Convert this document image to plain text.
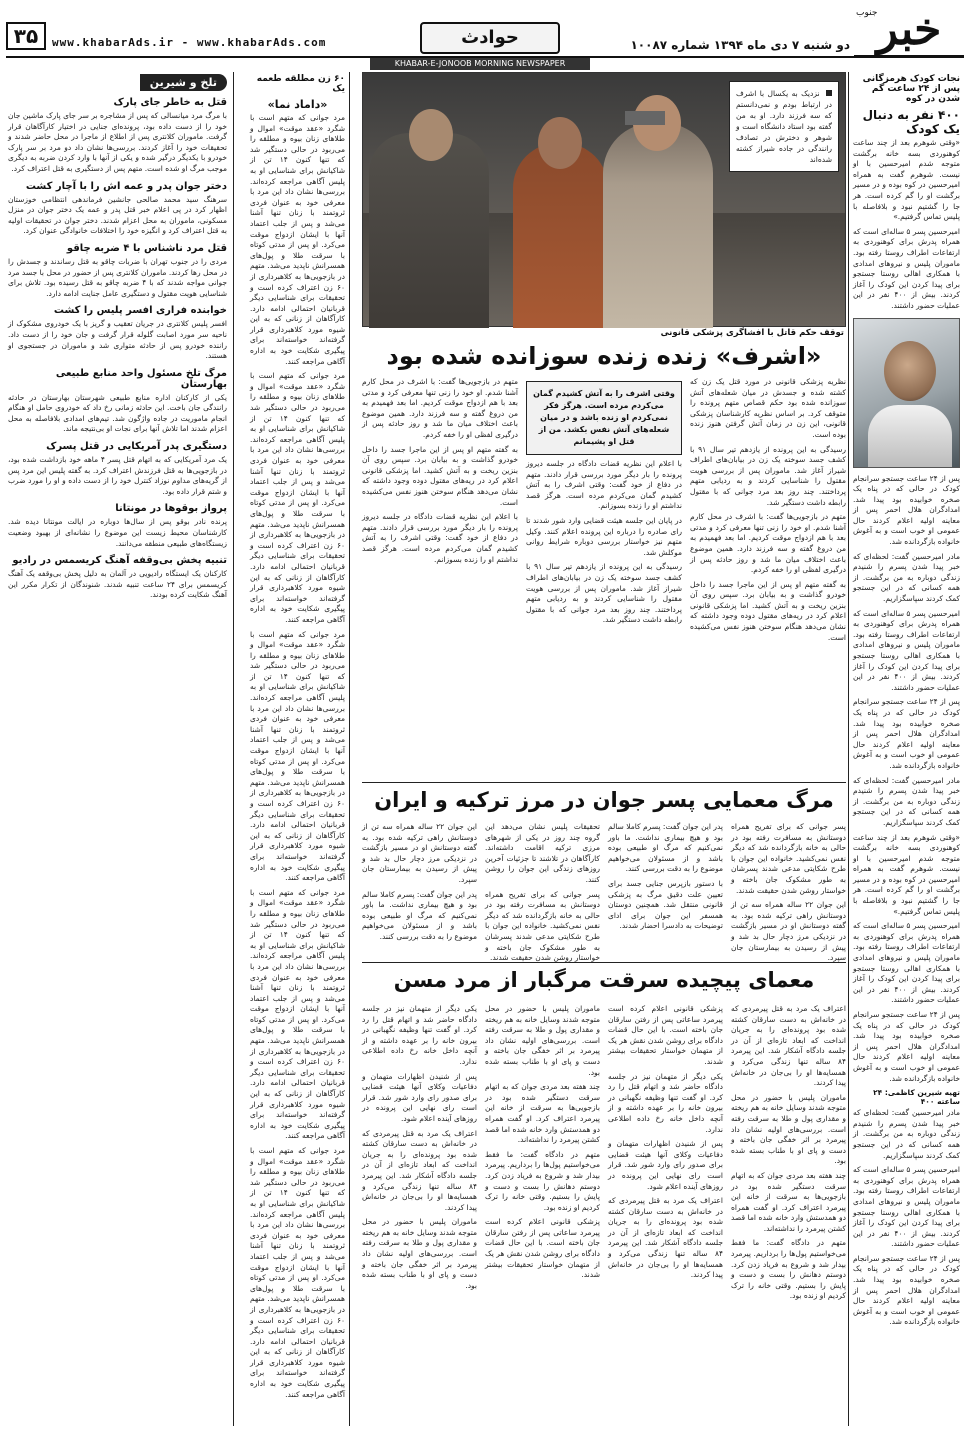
۳۵	www.khabarAds.ir - www.khabarAds.com	حوادث	دو شنبه ۷ دی ماه ۱۳۹۴ شماره ۱۰۰۸۷
جنوب خبر
KHABAR-E-JONOOB MORNING NEWSPAPER
نجات کودک هرمزگانی پس از ۲۴ ساعت گم شدن در کوه
۴۰۰ نفر به دنبال یک کودک

«وقتی شوهرم بعد از چند ساعت کوهنوردی بسه خانه برگشت متوجه شدم امیرحسین با او نیست. شوهرم گفت به همراه امیرحسین در کوه بوده و در مسیر برگشت او را گم کرده است. هر جا را گشتیم نبود و بلافاصله با پلیس تماس گرفتیم.»

امیرحسین پسر ۵ ساله‌ای است که همراه پدرش برای کوهنوردی به ارتفاعات اطراف روستا رفته بود. ماموران پلیس و نیروهای امدادی با همکاری اهالی روستا جستجو برای پیدا کردن این کودک را آغاز کردند. بیش از ۴۰۰ نفر در این عملیات حضور داشتند.

پس از ۲۴ ساعت جستجو سرانجام کودک در حالی که در پناه یک صخره خوابیده بود پیدا شد. امدادگران هلال احمر پس از معاینه اولیه اعلام کردند حال عمومی او خوب است و به آغوش خانواده بازگردانده شد.

مادر امیرحسین گفت: لحظه‌ای که خبر پیدا شدن پسرم را شنیدم زندگی دوباره به من برگشت. از همه کسانی که در این جستجو کمک کردند سپاسگزاریم.

امیرحسین پسر ۵ ساله‌ای است که همراه پدرش برای کوهنوردی به ارتفاعات اطراف روستا رفته بود. ماموران پلیس و نیروهای امدادی با همکاری اهالی روستا جستجو برای پیدا کردن این کودک را آغاز کردند. بیش از ۴۰۰ نفر در این عملیات حضور داشتند.

پس از ۲۴ ساعت جستجو سرانجام کودک در حالی که در پناه یک صخره خوابیده بود پیدا شد. امدادگران هلال احمر پس از معاینه اولیه اعلام کردند حال عمومی او خوب است و به آغوش خانواده بازگردانده شد.

مادر امیرحسین گفت: لحظه‌ای که خبر پیدا شدن پسرم را شنیدم زندگی دوباره به من برگشت. از همه کسانی که در این جستجو کمک کردند سپاسگزاریم.

«وقتی شوهرم بعد از چند ساعت کوهنوردی بسه خانه برگشت متوجه شدم امیرحسین با او نیست. شوهرم گفت به همراه امیرحسین در کوه بوده و در مسیر برگشت او را گم کرده است. هر جا را گشتیم نبود و بلافاصله با پلیس تماس گرفتیم.»

امیرحسین پسر ۵ ساله‌ای است که همراه پدرش برای کوهنوردی به ارتفاعات اطراف روستا رفته بود. ماموران پلیس و نیروهای امدادی با همکاری اهالی روستا جستجو برای پیدا کردن این کودک را آغاز کردند. بیش از ۴۰۰ نفر در این عملیات حضور داشتند.

پس از ۲۴ ساعت جستجو سرانجام کودک در حالی که در پناه یک صخره خوابیده بود پیدا شد. امدادگران هلال احمر پس از معاینه اولیه اعلام کردند حال عمومی او خوب است و به آغوش خانواده بازگردانده شد.

تهیه شیرین کاظمی: ۲۴ ساعته ۴۰۰

مادر امیرحسین گفت: لحظه‌ای که خبر پیدا شدن پسرم را شنیدم زندگی دوباره به من برگشت. از همه کسانی که در این جستجو کمک کردند سپاسگزاریم.

امیرحسین پسر ۵ ساله‌ای است که همراه پدرش برای کوهنوردی به ارتفاعات اطراف روستا رفته بود. ماموران پلیس و نیروهای امدادی با همکاری اهالی روستا جستجو برای پیدا کردن این کودک را آغاز کردند. بیش از ۴۰۰ نفر در این عملیات حضور داشتند.

پس از ۲۴ ساعت جستجو سرانجام کودک در حالی که در پناه یک صخره خوابیده بود پیدا شد. امدادگران هلال احمر پس از معاینه اولیه اعلام کردند حال عمومی او خوب است و به آغوش خانواده بازگردانده شد.

تلخ و شیرین
قتل به خاطر جای پارک

با مرگ مرد میانسالی که پس از مشاجره بر سر جای پارک ماشین جان خود را از دست داده بود، پرونده‌ای جنایی در اختیار کارآگاهان قرار گرفت. ماموران کلانتری پس از اطلاع از ماجرا در محل حاضر شدند و تحقیقات خود را آغاز کردند. بررسی‌ها نشان داد دو مرد بر سر پارک خودرو با یکدیگر درگیر شده و یکی از آنها با وارد کردن ضربه به دیگری موجب مرگ او شده است. متهم پس از دستگیری به قتل اعتراف کرد.

دختر جوان پدر و عمه اش را با آچار کشت

سرهنگ سید محمد صالحی جانشین فرماندهی انتظامی خوزستان اظهار کرد در پی اعلام خبر قتل پدر و عمه یک دختر جوان در منزل مسکونی، ماموران به محل اعزام شدند. دختر جوان در تحقیقات اولیه به قتل اعتراف کرد و انگیزه خود را اختلافات خانوادگی عنوان کرد.

قتل مرد ناشناس با ۴ ضربه چاقو

مردی را در جنوب تهران با ضربات چاقو به قتل رساندند و جسدش را در محل رها کردند. ماموران کلانتری پس از حضور در محل با جسد مرد جوانی مواجه شدند که با ۴ ضربه چاقو به قتل رسیده بود. تلاش برای شناسایی هویت مقتول و دستگیری عامل جنایت ادامه دارد.

خوابنده فراری افسر پلیس را کشت

افسر پلیس کلانتری در جریان تعقیب و گریز با یک خودروی مشکوک از ناحیه سر مورد اصابت گلوله قرار گرفت و جان خود را از دست داد. راننده خودرو پس از حادثه متواری شد و ماموران در جستجوی او هستند.

مرگ تلخ مسئول واحد منابع طبیعی بهارستان

یکی از کارکنان اداره منابع طبیعی شهرستان بهارستان در حادثه رانندگی جان باخت. این حادثه زمانی رخ داد که خودروی حامل او هنگام انجام ماموریت در جاده واژگون شد. تیم‌های امدادی بلافاصله به محل اعزام شدند اما تلاش آنها برای نجات او بی‌نتیجه ماند.

دستگیری پدر آمریکایی در قتل پسرک

یک مرد آمریکایی که به اتهام قتل پسر ۴ ماهه خود بازداشت شده بود، در بازجویی‌ها به قتل فرزندش اعتراف کرد. به گفته پلیس این مرد پس از گریه‌های مداوم نوزاد کنترل خود را از دست داده و او را مورد ضرب و شتم قرار داده بود.

پرواز بوقوها در مونتانا

پرنده نادر بوقو پس از سال‌ها دوباره در ایالت مونتانا دیده شد. کارشناسان محیط زیست این موضوع را نشانه‌ای از بهبود وضعیت زیستگاه‌های طبیعی منطقه می‌دانند.

تنبیه پخش بی‌وقفه آهنگ کریسمس در رادیو

کارکنان یک ایستگاه رادیویی در آلمان به دلیل پخش بی‌وقفه یک آهنگ کریسمس برای ۲۴ ساعت تنبیه شدند. شنوندگان از تکرار مکرر این آهنگ شکایت کرده بودند.

۶۰ زن مطلقه طعمه یک
«داماد نما»

مرد جوانی که متهم است با شگرد «عقد موقت» اموال و طلاهای زنان بیوه و مطلقه را می‌ربود در حالی دستگیر شد که تنها کنون ۱۴ تن از شاکیانش برای شناسایی او به پلیس آگاهی مراجعه کرده‌اند. بررسی‌ها نشان داد این مرد با معرفی خود به عنوان فردی ثروتمند با زنان تنها آشنا می‌شد و پس از جلب اعتماد آنها با ایشان ازدواج موقت می‌کرد. او پس از مدتی کوتاه با سرقت طلا و پول‌های همسرانش ناپدید می‌شد. متهم در بازجویی‌ها به کلاهبرداری از ۶۰ زن اعتراف کرده است و تحقیقات برای شناسایی دیگر قربانیان احتمالی ادامه دارد. کارآگاهان از زنانی که به این شیوه مورد کلاهبرداری قرار گرفته‌اند خواسته‌اند برای پیگیری شکایت خود به اداره آگاهی مراجعه کنند.

مرد جوانی که متهم است با شگرد «عقد موقت» اموال و طلاهای زنان بیوه و مطلقه را می‌ربود در حالی دستگیر شد که تنها کنون ۱۴ تن از شاکیانش برای شناسایی او به پلیس آگاهی مراجعه کرده‌اند. بررسی‌ها نشان داد این مرد با معرفی خود به عنوان فردی ثروتمند با زنان تنها آشنا می‌شد و پس از جلب اعتماد آنها با ایشان ازدواج موقت می‌کرد. او پس از مدتی کوتاه با سرقت طلا و پول‌های همسرانش ناپدید می‌شد. متهم در بازجویی‌ها به کلاهبرداری از ۶۰ زن اعتراف کرده است و تحقیقات برای شناسایی دیگر قربانیان احتمالی ادامه دارد. کارآگاهان از زنانی که به این شیوه مورد کلاهبرداری قرار گرفته‌اند خواسته‌اند برای پیگیری شکایت خود به اداره آگاهی مراجعه کنند.

مرد جوانی که متهم است با شگرد «عقد موقت» اموال و طلاهای زنان بیوه و مطلقه را می‌ربود در حالی دستگیر شد که تنها کنون ۱۴ تن از شاکیانش برای شناسایی او به پلیس آگاهی مراجعه کرده‌اند. بررسی‌ها نشان داد این مرد با معرفی خود به عنوان فردی ثروتمند با زنان تنها آشنا می‌شد و پس از جلب اعتماد آنها با ایشان ازدواج موقت می‌کرد. او پس از مدتی کوتاه با سرقت طلا و پول‌های همسرانش ناپدید می‌شد. متهم در بازجویی‌ها به کلاهبرداری از ۶۰ زن اعتراف کرده است و تحقیقات برای شناسایی دیگر قربانیان احتمالی ادامه دارد. کارآگاهان از زنانی که به این شیوه مورد کلاهبرداری قرار گرفته‌اند خواسته‌اند برای پیگیری شکایت خود به اداره آگاهی مراجعه کنند.

مرد جوانی که متهم است با شگرد «عقد موقت» اموال و طلاهای زنان بیوه و مطلقه را می‌ربود در حالی دستگیر شد که تنها کنون ۱۴ تن از شاکیانش برای شناسایی او به پلیس آگاهی مراجعه کرده‌اند. بررسی‌ها نشان داد این مرد با معرفی خود به عنوان فردی ثروتمند با زنان تنها آشنا می‌شد و پس از جلب اعتماد آنها با ایشان ازدواج موقت می‌کرد. او پس از مدتی کوتاه با سرقت طلا و پول‌های همسرانش ناپدید می‌شد. متهم در بازجویی‌ها به کلاهبرداری از ۶۰ زن اعتراف کرده است و تحقیقات برای شناسایی دیگر قربانیان احتمالی ادامه دارد. کارآگاهان از زنانی که به این شیوه مورد کلاهبرداری قرار گرفته‌اند خواسته‌اند برای پیگیری شکایت خود به اداره آگاهی مراجعه کنند.

مرد جوانی که متهم است با شگرد «عقد موقت» اموال و طلاهای زنان بیوه و مطلقه را می‌ربود در حالی دستگیر شد که تنها کنون ۱۴ تن از شاکیانش برای شناسایی او به پلیس آگاهی مراجعه کرده‌اند. بررسی‌ها نشان داد این مرد با معرفی خود به عنوان فردی ثروتمند با زنان تنها آشنا می‌شد و پس از جلب اعتماد آنها با ایشان ازدواج موقت می‌کرد. او پس از مدتی کوتاه با سرقت طلا و پول‌های همسرانش ناپدید می‌شد. متهم در بازجویی‌ها به کلاهبرداری از ۶۰ زن اعتراف کرده است و تحقیقات برای شناسایی دیگر قربانیان احتمالی ادامه دارد. کارآگاهان از زنانی که به این شیوه مورد کلاهبرداری قرار گرفته‌اند خواسته‌اند برای پیگیری شکایت خود به اداره آگاهی مراجعه کنند.

نزدیک به یکسال با اشرف در ارتباط بودم و نمی‌دانستم که سه فرزند دارد. او به من گفته بود استاد دانشگاه است و شوهر و دخترش در تصادف رانندگی در جاده شیراز کشته شده‌اند
توقف حکم قاتل با افشاگری پزشکی قانونی
«اشرف» زنده زنده سوزانده شده بود

نظریه پزشکی قانونی در مورد قتل یک زن که کشته شده و جسدش در میان شعله‌های آتش سوزانده شده بود حکم قصاص متهم پرونده را متوقف کرد. بر اساس نظریه کارشناسان پزشکی قانونی، این زن در زمان آتش گرفتن هنوز زنده بوده است.

رسیدگی به این پرونده از یازدهم تیر سال ۹۱ با کشف جسد سوخته یک زن در بیابان‌های اطراف شیراز آغاز شد. ماموران پس از بررسی هویت مقتول را شناسایی کردند و به ردیابی متهم پرداختند. چند روز بعد مرد جوانی که با مقتول رابطه داشت دستگیر شد.

متهم در بازجویی‌ها گفت: با اشرف در محل کارم آشنا شدم. او خود را زنی تنها معرفی کرد و مدتی بعد با هم ازدواج موقت کردیم. اما بعد فهمیدم به من دروغ گفته و سه فرزند دارد. همین موضوع باعث اختلاف میان ما شد و روز حادثه پس از درگیری لفظی او را خفه کردم.

به گفته متهم او پس از این ماجرا جسد را داخل خودرو گذاشت و به بیابان برد. سپس روی آن بنزین ریخت و به آتش کشید. اما پزشکی قانونی اعلام کرد در ریه‌های مقتول دوده وجود داشته که نشان می‌دهد هنگام سوختن هنوز نفس می‌کشیده است.

وقتی اشرف را به آتش کشیدم گمان می‌کردم مرده است. هرگز فکر نمی‌کردم او زنده باشد و در میان شعله‌های آتش نفس بکشد. من از قتل او پشیمانم

با اعلام این نظریه قضات دادگاه در جلسه دیروز پرونده را بار دیگر مورد بررسی قرار دادند. متهم در دفاع از خود گفت: وقتی اشرف را به آتش کشیدم گمان می‌کردم مرده است. هرگز قصد نداشتم او را زنده بسوزانم.

در پایان این جلسه هیئت قضایی وارد شور شدند تا رای صادره را درباره این پرونده اعلام کنند. وکیل متهم نیز خواستار بررسی دوباره شرایط روانی موکلش شد.

رسیدگی به این پرونده از یازدهم تیر سال ۹۱ با کشف جسد سوخته یک زن در بیابان‌های اطراف شیراز آغاز شد. ماموران پس از بررسی هویت مقتول را شناسایی کردند و به ردیابی متهم پرداختند. چند روز بعد مرد جوانی که با مقتول رابطه داشت دستگیر شد.

متهم در بازجویی‌ها گفت: با اشرف در محل کارم آشنا شدم. او خود را زنی تنها معرفی کرد و مدتی بعد با هم ازدواج موقت کردیم. اما بعد فهمیدم به من دروغ گفته و سه فرزند دارد. همین موضوع باعث اختلاف میان ما شد و روز حادثه پس از درگیری لفظی او را خفه کردم.

به گفته متهم او پس از این ماجرا جسد را داخل خودرو گذاشت و به بیابان برد. سپس روی آن بنزین ریخت و به آتش کشید. اما پزشکی قانونی اعلام کرد در ریه‌های مقتول دوده وجود داشته که نشان می‌دهد هنگام سوختن هنوز نفس می‌کشیده است.

با اعلام این نظریه قضات دادگاه در جلسه دیروز پرونده را بار دیگر مورد بررسی قرار دادند. متهم در دفاع از خود گفت: وقتی اشرف را به آتش کشیدم گمان می‌کردم مرده است. هرگز قصد نداشتم او را زنده بسوزانم.

مرگ معمایی پسر جوان در مرز ترکیه و ایران

پسر جوانی که برای تفریح همراه دوستانش به مسافرت رفته بود در حالی به خانه بازگردانده شد که دیگر نفس نمی‌کشید. خانواده این جوان با طرح شکایتی مدعی شدند پسرشان به طور مشکوک جان باخته و خواستار روشن شدن حقیقت شدند.

این جوان ۲۲ ساله همراه سه تن از دوستانش راهی ترکیه شده بود. به گفته دوستانش او در مسیر بازگشت در نزدیکی مرز دچار حال بد شد و پیش از رسیدن به بیمارستان جان سپرد.

پدر این جوان گفت: پسرم کاملا سالم بود و هیچ بیماری نداشت. ما باور نمی‌کنیم که مرگ او طبیعی بوده باشد و از مسئولان می‌خواهیم موضوع را به دقت بررسی کنند.

با دستور بازپرس جنایی جسد برای تعیین علت دقیق مرگ به پزشکی قانونی منتقل شد. همچنین دوستان همسفر این جوان برای ادای توضیحات به دادسرا احضار شدند.

تحقیقات پلیس نشان می‌دهد این گروه چند روز در یکی از شهرهای مرزی ترکیه اقامت داشته‌اند. کارآگاهان در تلاشند تا جزئیات آخرین روزهای زندگی این جوان را روشن کنند.

پسر جوانی که برای تفریح همراه دوستانش به مسافرت رفته بود در حالی به خانه بازگردانده شد که دیگر نفس نمی‌کشید. خانواده این جوان با طرح شکایتی مدعی شدند پسرشان به طور مشکوک جان باخته و خواستار روشن شدن حقیقت شدند.

این جوان ۲۲ ساله همراه سه تن از دوستانش راهی ترکیه شده بود. به گفته دوستانش او در مسیر بازگشت در نزدیکی مرز دچار حال بد شد و پیش از رسیدن به بیمارستان جان سپرد.

پدر این جوان گفت: پسرم کاملا سالم بود و هیچ بیماری نداشت. ما باور نمی‌کنیم که مرگ او طبیعی بوده باشد و از مسئولان می‌خواهیم موضوع را به دقت بررسی کنند.

معمای پیچیده سرقت مرگبار از مرد مسن

اعتراف یک مرد به قتل پیرمردی که در خانه‌اش به دست سارقان کشته شده بود پرونده‌ای را به جریان انداخت که ابعاد تازه‌ای از آن در جلسه دادگاه آشکار شد. این پیرمرد ۸۴ ساله تنها زندگی می‌کرد و همسایه‌ها او را بی‌جان در خانه‌اش پیدا کردند.

ماموران پلیس با حضور در محل متوجه شدند وسایل خانه به هم ریخته و مقداری پول و طلا به سرقت رفته است. بررسی‌های اولیه نشان داد پیرمرد بر اثر خفگی جان باخته و دست و پای او با طناب بسته شده بود.

چند هفته بعد مردی جوان که به اتهام سرقت دستگیر شده بود در بازجویی‌ها به سرقت از خانه این پیرمرد اعتراف کرد. او گفت همراه دو همدستش وارد خانه شده اما قصد کشتن پیرمرد را نداشته‌اند.

متهم در دادگاه گفت: ما فقط می‌خواستیم پول‌ها را برداریم. پیرمرد بیدار شد و شروع به فریاد زدن کرد. دوستم دهانش را بست و دست و پایش را بستیم. وقتی خانه را ترک کردیم او زنده بود.

پزشکی قانونی اعلام کرده است پیرمرد ساعاتی پس از رفتن سارقان جان باخته است. با این حال قضات دادگاه برای روشن شدن نقش هر یک از متهمان خواستار تحقیقات بیشتر شدند.

یکی دیگر از متهمان نیز در جلسه دادگاه حاضر شد و اتهام قتل را رد کرد. او گفت تنها وظیفه نگهبانی در بیرون خانه را بر عهده داشته و از آنچه داخل خانه رخ داده اطلاعی ندارد.

پس از شنیدن اظهارات متهمان و دفاعیات وکلای آنها هیئت قضایی برای صدور رای وارد شور شد. قرار است رای نهایی این پرونده در روزهای آینده اعلام شود.

اعتراف یک مرد به قتل پیرمردی که در خانه‌اش به دست سارقان کشته شده بود پرونده‌ای را به جریان انداخت که ابعاد تازه‌ای از آن در جلسه دادگاه آشکار شد. این پیرمرد ۸۴ ساله تنها زندگی می‌کرد و همسایه‌ها او را بی‌جان در خانه‌اش پیدا کردند.

ماموران پلیس با حضور در محل متوجه شدند وسایل خانه به هم ریخته و مقداری پول و طلا به سرقت رفته است. بررسی‌های اولیه نشان داد پیرمرد بر اثر خفگی جان باخته و دست و پای او با طناب بسته شده بود.

چند هفته بعد مردی جوان که به اتهام سرقت دستگیر شده بود در بازجویی‌ها به سرقت از خانه این پیرمرد اعتراف کرد. او گفت همراه دو همدستش وارد خانه شده اما قصد کشتن پیرمرد را نداشته‌اند.

متهم در دادگاه گفت: ما فقط می‌خواستیم پول‌ها را برداریم. پیرمرد بیدار شد و شروع به فریاد زدن کرد. دوستم دهانش را بست و دست و پایش را بستیم. وقتی خانه را ترک کردیم او زنده بود.

پزشکی قانونی اعلام کرده است پیرمرد ساعاتی پس از رفتن سارقان جان باخته است. با این حال قضات دادگاه برای روشن شدن نقش هر یک از متهمان خواستار تحقیقات بیشتر شدند.

یکی دیگر از متهمان نیز در جلسه دادگاه حاضر شد و اتهام قتل را رد کرد. او گفت تنها وظیفه نگهبانی در بیرون خانه را بر عهده داشته و از آنچه داخل خانه رخ داده اطلاعی ندارد.

پس از شنیدن اظهارات متهمان و دفاعیات وکلای آنها هیئت قضایی برای صدور رای وارد شور شد. قرار است رای نهایی این پرونده در روزهای آینده اعلام شود.

اعتراف یک مرد به قتل پیرمردی که در خانه‌اش به دست سارقان کشته شده بود پرونده‌ای را به جریان انداخت که ابعاد تازه‌ای از آن در جلسه دادگاه آشکار شد. این پیرمرد ۸۴ ساله تنها زندگی می‌کرد و همسایه‌ها او را بی‌جان در خانه‌اش پیدا کردند.

ماموران پلیس با حضور در محل متوجه شدند وسایل خانه به هم ریخته و مقداری پول و طلا به سرقت رفته است. بررسی‌های اولیه نشان داد پیرمرد بر اثر خفگی جان باخته و دست و پای او با طناب بسته شده بود.
